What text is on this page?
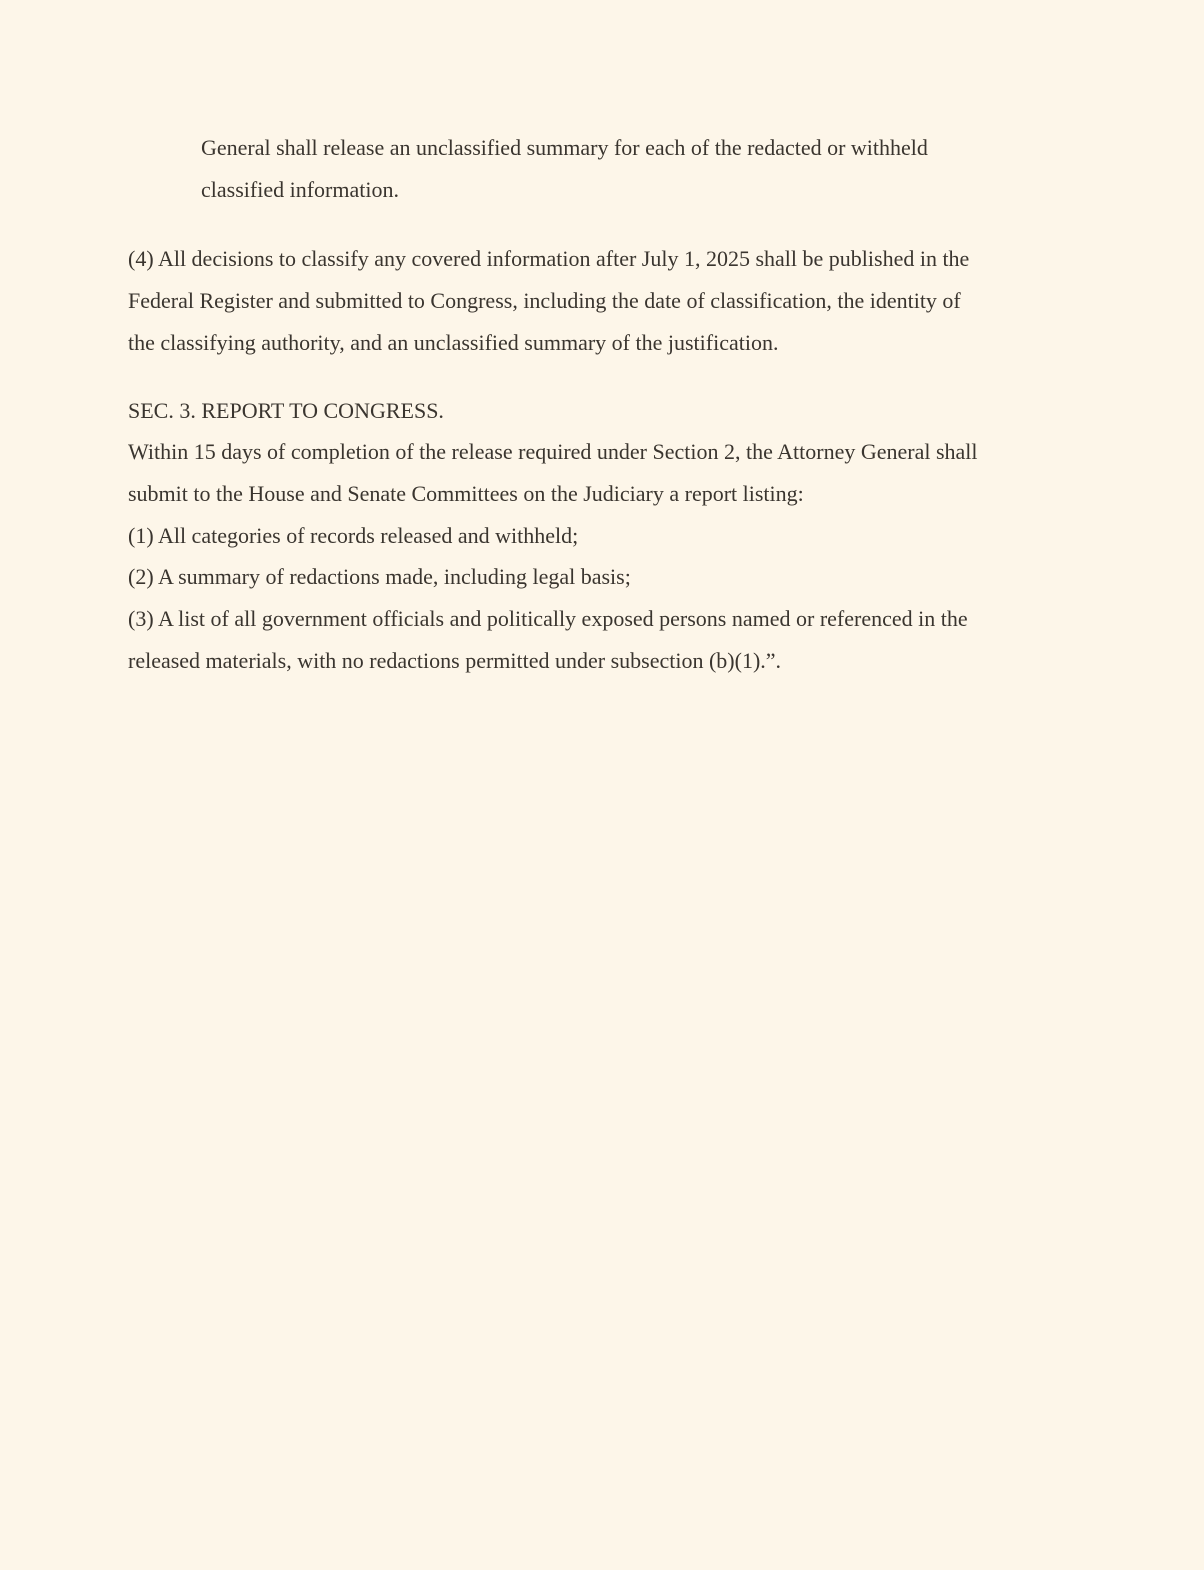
General shall release an unclassified summary for each of the redacted or withheld
classified information.
(4) All decisions to classify any covered information after July 1, 2025 shall be published in the
Federal Register and submitted to Congress, including the date of classification, the identity of
the classifying authority, and an unclassified summary of the justification.
SEC. 3. REPORT TO CONGRESS.
Within 15 days of completion of the release required under Section 2, the Attorney General shall
submit to the House and Senate Committees on the Judiciary a report listing:
(1) All categories of records released and withheld;
(2) A summary of redactions made, including legal basis;
(3) A list of all government officials and politically exposed persons named or referenced in the
released materials, with no redactions permitted under subsection (b)(1).”.
